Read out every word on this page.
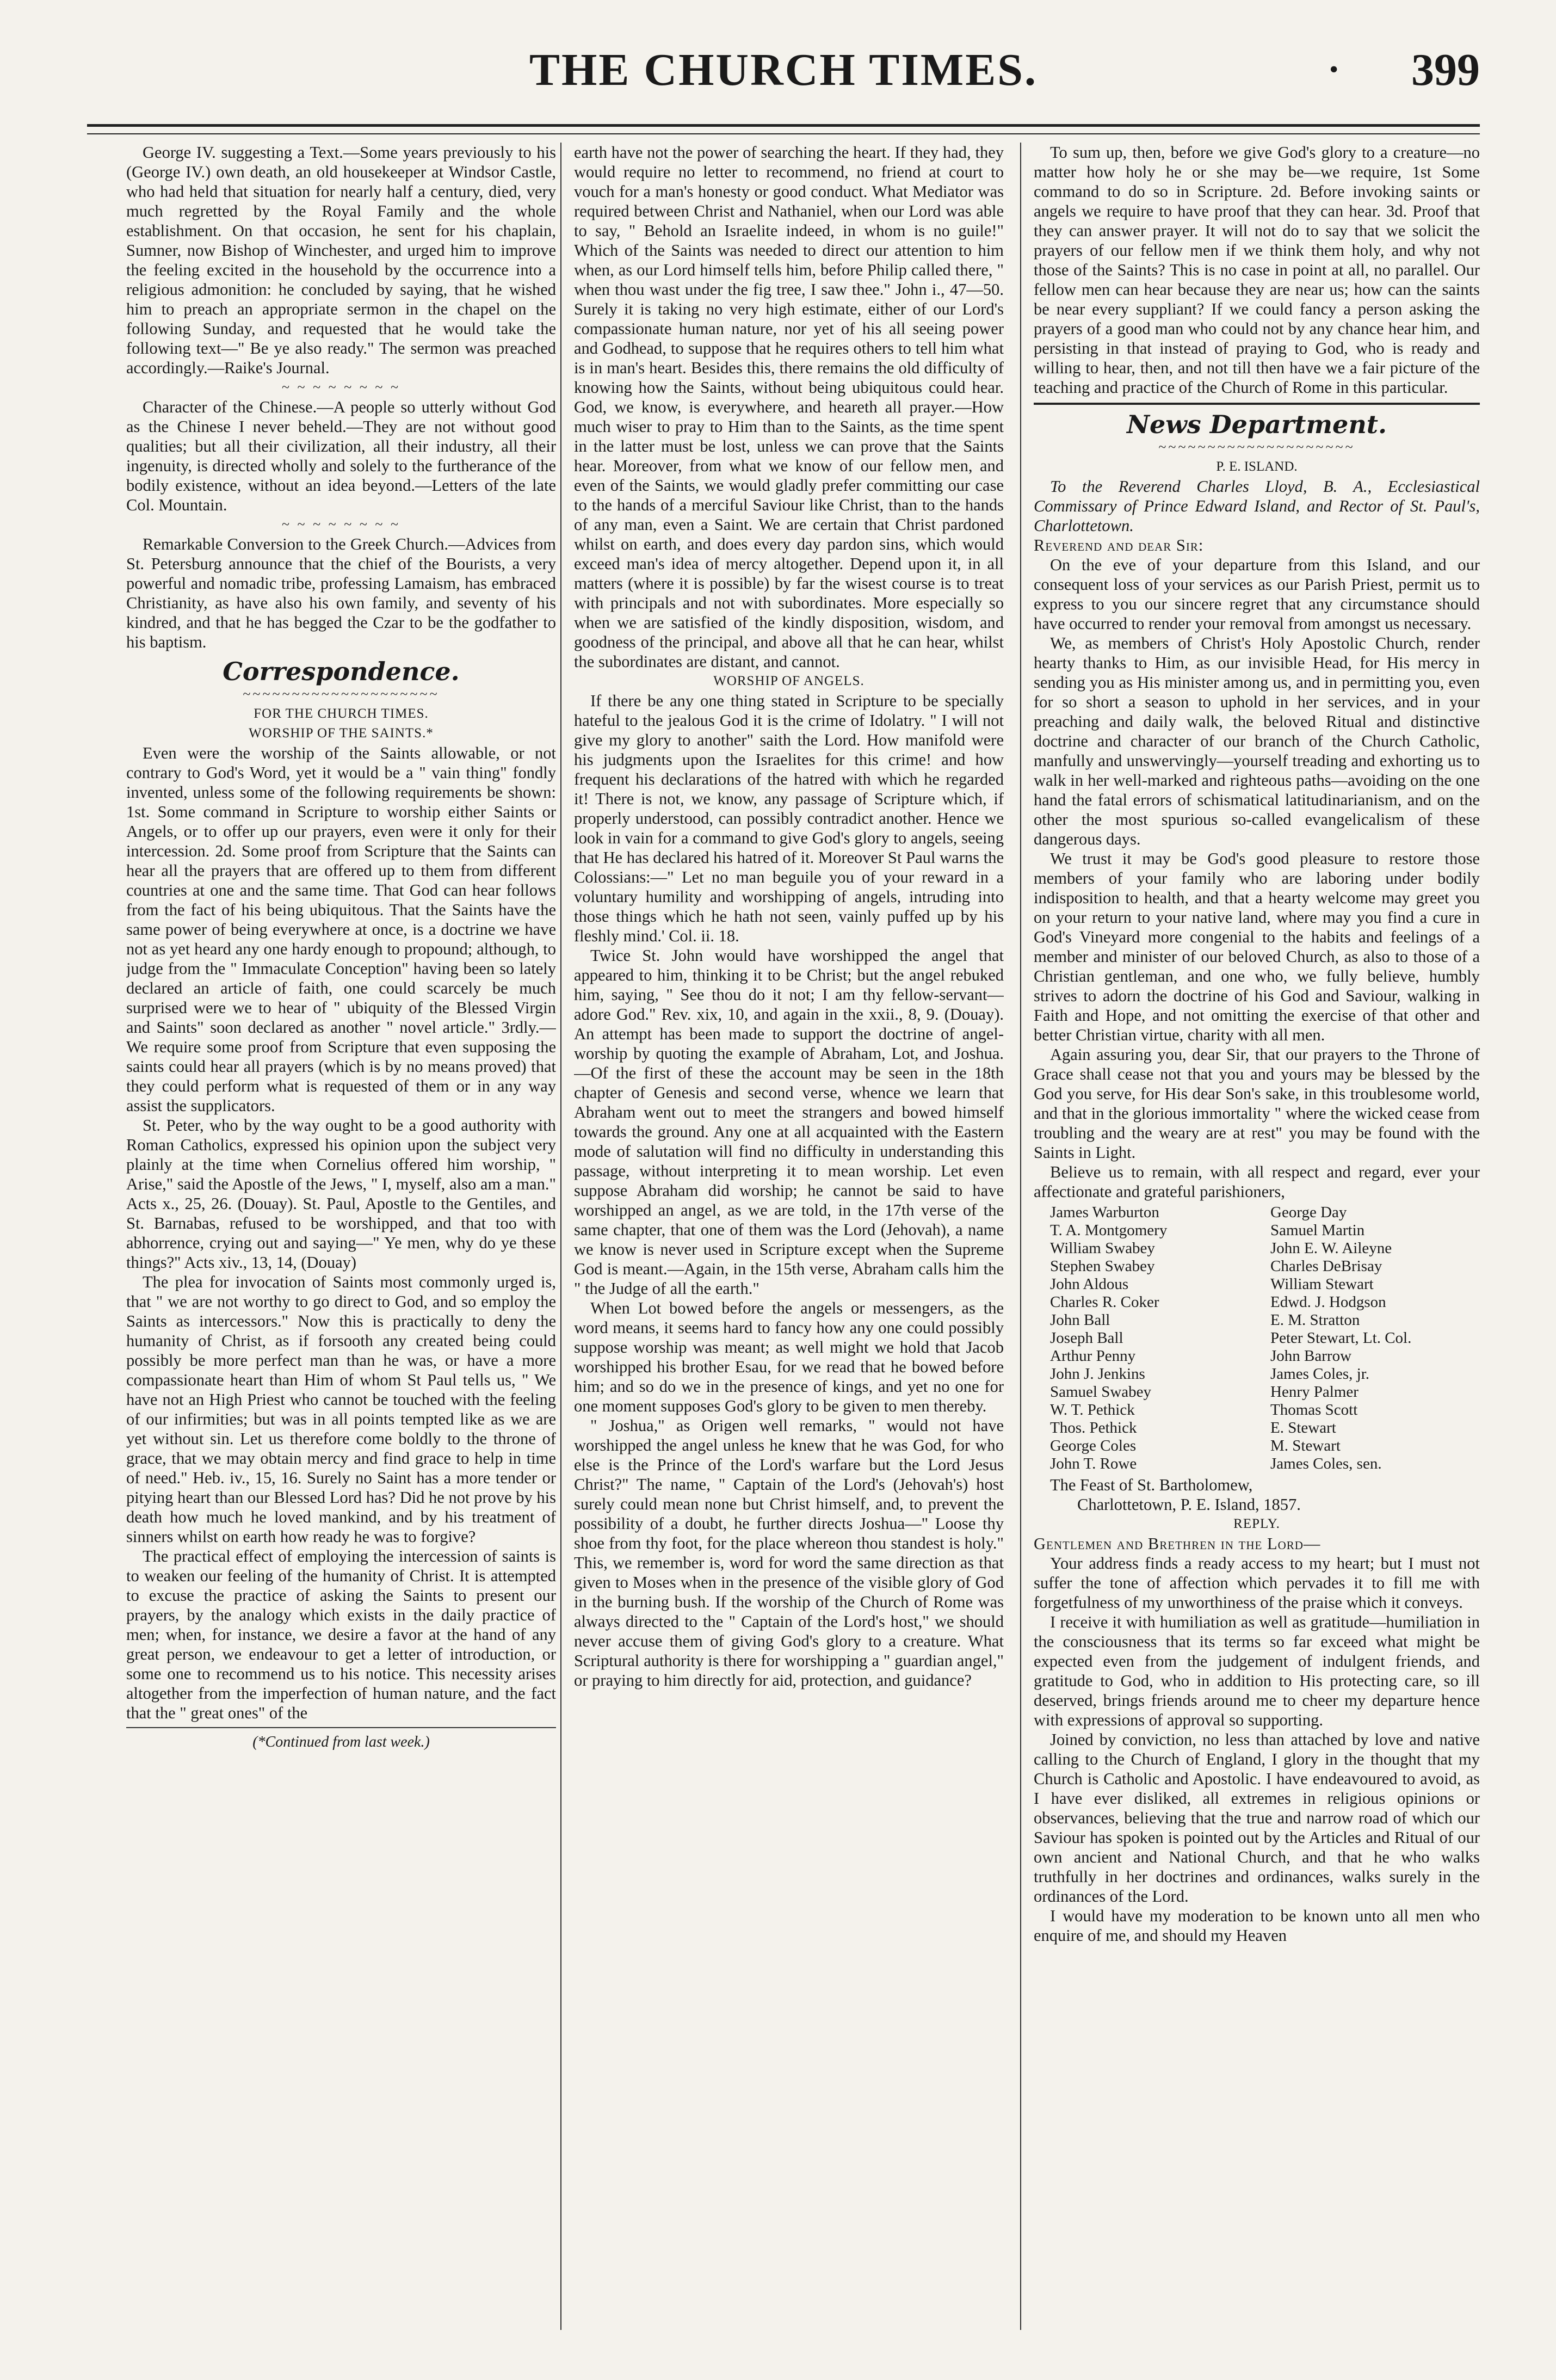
THE CHURCH TIMES.	• 399

George IV. suggesting a Text.—Some years previously to his (George IV.) own death, an old housekeeper at Windsor Castle, who had held that situation for nearly half a century, died, very much regretted by the Royal Family and the whole establishment. On that occasion, he sent for his chaplain, Sumner, now Bishop of Winchester, and urged him to improve the feeling excited in the household by the occurrence into a religious admonition: he concluded by saying, that he wished him to preach an appropriate sermon in the chapel on the following Sunday, and requested that he would take the following text—" Be ye also ready." The sermon was preached accordingly.—Raike's Journal.

~ ~ ~ ~ ~ ~ ~ ~

Character of the Chinese.—A people so utterly without God as the Chinese I never beheld.—They are not without good qualities; but all their civilization, all their industry, all their ingenuity, is directed wholly and solely to the furtherance of the bodily existence, without an idea beyond.—Letters of the late Col. Mountain.

~ ~ ~ ~ ~ ~ ~ ~

Remarkable Conversion to the Greek Church.—Advices from St. Petersburg announce that the chief of the Bourists, a very powerful and nomadic tribe, professing Lamaism, has embraced Christianity, as have also his own family, and seventy of his kindred, and that he has begged the Czar to be the godfather to his baptism.

Correspondence.
~~~~~~~~~~~~~~~~~~~~

FOR THE CHURCH TIMES.

WORSHIP OF THE SAINTS.*

Even were the worship of the Saints allowable, or not contrary to God's Word, yet it would be a " vain thing" fondly invented, unless some of the following requirements be shown: 1st. Some command in Scripture to worship either Saints or Angels, or to offer up our prayers, even were it only for their intercession. 2d. Some proof from Scripture that the Saints can hear all the prayers that are offered up to them from different countries at one and the same time. That God can hear follows from the fact of his being ubiquitous. That the Saints have the same power of being everywhere at once, is a doctrine we have not as yet heard any one hardy enough to propound; although, to judge from the " Immaculate Conception" having been so lately declared an article of faith, one could scarcely be much surprised were we to hear of " ubiquity of the Blessed Virgin and Saints" soon declared as another " novel article." 3rdly.—We require some proof from Scripture that even supposing the saints could hear all prayers (which is by no means proved) that they could perform what is requested of them or in any way assist the supplicators.

St. Peter, who by the way ought to be a good authority with Roman Catholics, expressed his opinion upon the subject very plainly at the time when Cornelius offered him worship, " Arise," said the Apostle of the Jews, " I, myself, also am a man." Acts x., 25, 26. (Douay). St. Paul, Apostle to the Gentiles, and St. Barnabas, refused to be worshipped, and that too with abhorrence, crying out and saying—" Ye men, why do ye these things?" Acts xiv., 13, 14, (Douay)

The plea for invocation of Saints most commonly urged is, that " we are not worthy to go direct to God, and so employ the Saints as intercessors." Now this is practically to deny the humanity of Christ, as if forsooth any created being could possibly be more perfect man than he was, or have a more compassionate heart than Him of whom St Paul tells us, " We have not an High Priest who cannot be touched with the feeling of our infirmities; but was in all points tempted like as we are yet without sin. Let us therefore come boldly to the throne of grace, that we may obtain mercy and find grace to help in time of need." Heb. iv., 15, 16. Surely no Saint has a more tender or pitying heart than our Blessed Lord has? Did he not prove by his death how much he loved mankind, and by his treatment of sinners whilst on earth how ready he was to forgive?

The practical effect of employing the intercession of saints is to weaken our feeling of the humanity of Christ. It is attempted to excuse the practice of asking the Saints to present our prayers, by the analogy which exists in the daily practice of men; when, for instance, we desire a favor at the hand of any great person, we endeavour to get a letter of introduction, or some one to recommend us to his notice. This necessity arises altogether from the imperfection of human nature, and the fact that the " great ones" of the

(*Continued from last week.)

earth have not the power of searching the heart. If they had, they would require no letter to recommend, no friend at court to vouch for a man's honesty or good conduct. What Mediator was required between Christ and Nathaniel, when our Lord was able to say, " Behold an Israelite indeed, in whom is no guile!" Which of the Saints was needed to direct our attention to him when, as our Lord himself tells him, before Philip called there, " when thou wast under the fig tree, I saw thee." John i., 47—50. Surely it is taking no very high estimate, either of our Lord's compassionate human nature, nor yet of his all seeing power and Godhead, to suppose that he requires others to tell him what is in man's heart. Besides this, there remains the old difficulty of knowing how the Saints, without being ubiquitous could hear. God, we know, is everywhere, and heareth all prayer.—How much wiser to pray to Him than to the Saints, as the time spent in the latter must be lost, unless we can prove that the Saints hear. Moreover, from what we know of our fellow men, and even of the Saints, we would gladly prefer committing our case to the hands of a merciful Saviour like Christ, than to the hands of any man, even a Saint. We are certain that Christ pardoned whilst on earth, and does every day pardon sins, which would exceed man's idea of mercy altogether. Depend upon it, in all matters (where it is possible) by far the wisest course is to treat with principals and not with subordinates. More especially so when we are satisfied of the kindly disposition, wisdom, and goodness of the principal, and above all that he can hear, whilst the subordinates are distant, and cannot.

WORSHIP OF ANGELS.

If there be any one thing stated in Scripture to be specially hateful to the jealous God it is the crime of Idolatry. " I will not give my glory to another" saith the Lord. How manifold were his judgments upon the Israelites for this crime! and how frequent his declarations of the hatred with which he regarded it! There is not, we know, any passage of Scripture which, if properly understood, can possibly contradict another. Hence we look in vain for a command to give God's glory to angels, seeing that He has declared his hatred of it. Moreover St Paul warns the Colossians:—" Let no man beguile you of your reward in a voluntary humility and worshipping of angels, intruding into those things which he hath not seen, vainly puffed up by his fleshly mind.' Col. ii. 18.

Twice St. John would have worshipped the angel that appeared to him, thinking it to be Christ; but the angel rebuked him, saying, " See thou do it not; I am thy fellow-servant—adore God." Rev. xix, 10, and again in the xxii., 8, 9. (Douay). An attempt has been made to support the doctrine of angel-worship by quoting the example of Abraham, Lot, and Joshua.—Of the first of these the account may be seen in the 18th chapter of Genesis and second verse, whence we learn that Abraham went out to meet the strangers and bowed himself towards the ground. Any one at all acquainted with the Eastern mode of salutation will find no difficulty in understanding this passage, without interpreting it to mean worship. Let even suppose Abraham did worship; he cannot be said to have worshipped an angel, as we are told, in the 17th verse of the same chapter, that one of them was the Lord (Jehovah), a name we know is never used in Scripture except when the Supreme God is meant.—Again, in the 15th verse, Abraham calls him the " the Judge of all the earth."

When Lot bowed before the angels or messengers, as the word means, it seems hard to fancy how any one could possibly suppose worship was meant; as well might we hold that Jacob worshipped his brother Esau, for we read that he bowed before him; and so do we in the presence of kings, and yet no one for one moment supposes God's glory to be given to men thereby.

" Joshua," as Origen well remarks, " would not have worshipped the angel unless he knew that he was God, for who else is the Prince of the Lord's warfare but the Lord Jesus Christ?" The name, " Captain of the Lord's (Jehovah's) host surely could mean none but Christ himself, and, to prevent the possibility of a doubt, he further directs Joshua—" Loose thy shoe from thy foot, for the place whereon thou standest is holy." This, we remember is, word for word the same direction as that given to Moses when in the presence of the visible glory of God in the burning bush. If the worship of the Church of Rome was always directed to the " Captain of the Lord's host," we should never accuse them of giving God's glory to a creature. What Scriptural authority is there for worshipping a " guardian angel," or praying to him directly for aid, protection, and guidance?

To sum up, then, before we give God's glory to a creature—no matter how holy he or she may be—we require, 1st Some command to do so in Scripture. 2d. Before invoking saints or angels we require to have proof that they can hear. 3d. Proof that they can answer prayer. It will not do to say that we solicit the prayers of our fellow men if we think them holy, and why not those of the Saints? This is no case in point at all, no parallel. Our fellow men can hear because they are near us; how can the saints be near every suppliant? If we could fancy a person asking the prayers of a good man who could not by any chance hear him, and persisting in that instead of praying to God, who is ready and willing to hear, then, and not till then have we a fair picture of the teaching and practice of the Church of Rome in this particular.

News Department.
~~~~~~~~~~~~~~~~~~~~

P. E. ISLAND.

To the Reverend Charles Lloyd, B. A., Ecclesiastical Commissary of Prince Edward Island, and Rector of St. Paul's, Charlottetown.

Reverend and dear Sir:

On the eve of your departure from this Island, and our consequent loss of your services as our Parish Priest, permit us to express to you our sincere regret that any circumstance should have occurred to render your removal from amongst us necessary.

We, as members of Christ's Holy Apostolic Church, render hearty thanks to Him, as our invisible Head, for His mercy in sending you as His minister among us, and in permitting you, even for so short a season to uphold in her services, and in your preaching and daily walk, the beloved Ritual and distinctive doctrine and character of our branch of the Church Catholic, manfully and unswervingly—yourself treading and exhorting us to walk in her well-marked and righteous paths—avoiding on the one hand the fatal errors of schismatical latitudinarianism, and on the other the most spurious so-called evangelicalism of these dangerous days.

We trust it may be God's good pleasure to restore those members of your family who are laboring under bodily indisposition to health, and that a hearty welcome may greet you on your return to your native land, where may you find a cure in God's Vineyard more congenial to the habits and feelings of a member and minister of our beloved Church, as also to those of a Christian gentleman, and one who, we fully believe, humbly strives to adorn the doctrine of his God and Saviour, walking in Faith and Hope, and not omitting the exercise of that other and better Christian virtue, charity with all men.

Again assuring you, dear Sir, that our prayers to the Throne of Grace shall cease not that you and yours may be blessed by the God you serve, for His dear Son's sake, in this troublesome world, and that in the glorious immortality " where the wicked cease from troubling and the weary are at rest" you may be found with the Saints in Light.

Believe us to remain, with all respect and regard, ever your affectionate and grateful parishioners,

James Warburton	George Day
T. A. Montgomery	Samuel Martin
William Swabey	John E. W. Aileyne
Stephen Swabey	Charles DeBrisay
John Aldous	William Stewart
Charles R. Coker	Edwd. J. Hodgson
John Ball	E. M. Stratton
Joseph Ball	Peter Stewart, Lt. Col.
Arthur Penny	John Barrow
John J. Jenkins	James Coles, jr.
Samuel Swabey	Henry Palmer
W. T. Pethick	Thomas Scott
Thos. Pethick	E. Stewart
George Coles	M. Stewart
John T. Rowe	James Coles, sen.

The Feast of St. Bartholomew,

Charlottetown, P. E. Island, 1857.

REPLY.

Gentlemen and Brethren in the Lord—

Your address finds a ready access to my heart; but I must not suffer the tone of affection which pervades it to fill me with forgetfulness of my unworthiness of the praise which it conveys.

I receive it with humiliation as well as gratitude—humiliation in the consciousness that its terms so far exceed what might be expected even from the judgement of indulgent friends, and gratitude to God, who in addition to His protecting care, so ill deserved, brings friends around me to cheer my departure hence with expressions of approval so supporting.

Joined by conviction, no less than attached by love and native calling to the Church of England, I glory in the thought that my Church is Catholic and Apostolic. I have endeavoured to avoid, as I have ever disliked, all extremes in religious opinions or observances, believing that the true and narrow road of which our Saviour has spoken is pointed out by the Articles and Ritual of our own ancient and National Church, and that he who walks truthfully in her doctrines and ordinances, walks surely in the ordinances of the Lord.

I would have my moderation to be known unto all men who enquire of me, and should my Heaven
